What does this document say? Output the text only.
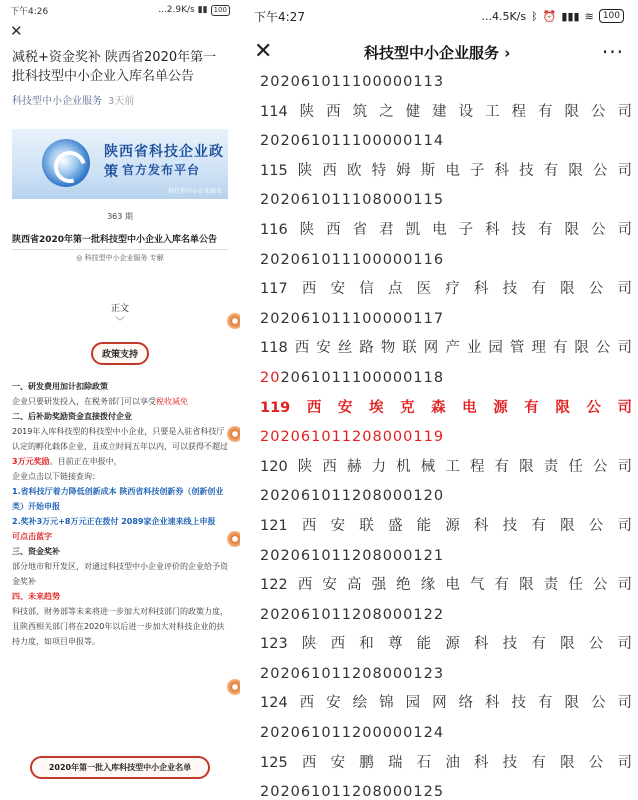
下午4:26	...2.9K/s ▮▮ 100
✕
减税+资金奖补 陕西省2020年第一批科技型中小企业入库名单公告
科技型中小企业服务 3天前
陕西省科技企业政策 官方发布平台
科技型中小企业服务
363 期
陕西省2020年第一批科技型中小企业入库名单公告
◎ 科技型中小企业服务 专解
正文
﹀
政策支持
一、研发费用加计扣除政策
企业只要研发投入，在税务部门可以享受税收减免
二、后补助奖励资金直接拨付企业
2019年入库科技型的科技型中小企业，只要是入驻省科技厅认定的孵化载体企业，且成立时间五年以内，可以获得不超过3万元奖励。目前正在申报中，
企业点击以下链接查询：
1.省科技厅着力降低创新成本 陕西省科技创新券（创新创业类）开始申报
2.奖补3万元+8万元正在拨付 2089家企业速来线上申报
可点击蓝字
三、资金奖补
部分地市和开发区，对通过科技型中小企业评价的企业给予资金奖补
四、未来趋势
科技部、财务部等未来将进一步加大对科技部门的政策力度，且陕西相关部门将在2020年以后进一步加大对科技企业的扶持力度，如项目申报等。
2020年第一批入库科技型中小企业名单
下午4:27	...4.5K/s ᛒ ⏰ ▮▮▮ ≋	100
✕	科技型中小企业服务 ›	···
202061011100000113
114 陕 西 筑 之 健 建 设 工 程 有 限 公 司
202061011100000114
115 陕 西 欧 特 姆 斯 电 子 科 技 有 限 公 司
202061011108000115
116 陕 西 省 君 凯 电 子 科 技 有 限 公 司
202061011100000116
117 西 安 信 点 医 疗 科 技 有 限 公 司
202061011100000117
118 西 安 丝 路 物 联 网 产 业 园 管 理 有 限 公 司
202061011100000118
119 西 安 埃 克 森 电 源 有 限 公 司
202061011208000119
120 陕 西 赫 力 机 械 工 程 有 限 责 任 公 司
202061011208000120
121 西 安 联 盛 能 源 科 技 有 限 公 司
202061011208000121
122 西 安 高 强 绝 缘 电 气 有 限 责 任 公 司
202061011208000122
123 陕 西 和 尊 能 源 科 技 有 限 公 司
202061011208000123
124 西 安 绘 锦 园 网 络 科 技 有 限 公 司
202061011200000124
125 西 安 鹏 瑞 石 油 科 技 有 限 公 司
202061011208000125
